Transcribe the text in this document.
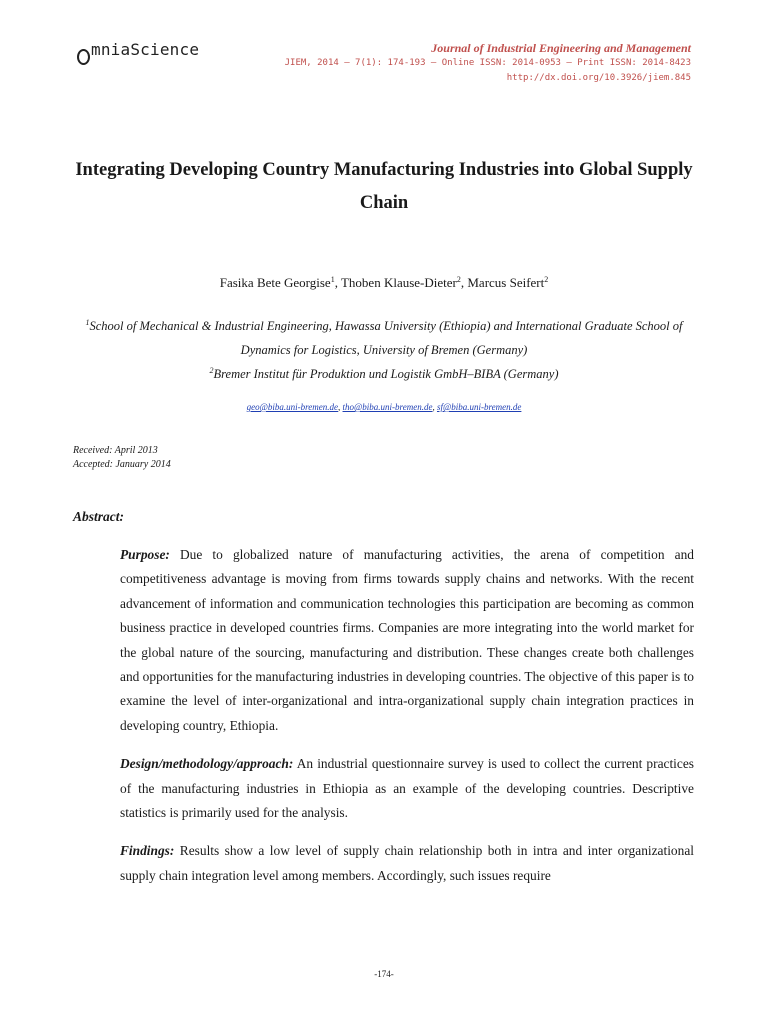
mniaScience	Journal of Industrial Engineering and Management
JIEM, 2014 – 7(1): 174-193 – Online ISSN: 2014-0953 – Print ISSN: 2014-8423
http://dx.doi.org/10.3926/jiem.845
Integrating Developing Country Manufacturing Industries into Global Supply Chain
Fasika Bete Georgise$^1$, Thoben Klause-Dieter$^2$, Marcus Seifert$^2$
$^1$School of Mechanical & Industrial Engineering, Hawassa University (Ethiopia) and International Graduate School of Dynamics for Logistics, University of Bremen (Germany)
$^2$Bremer Institut für Produktion und Logistik GmbH–BIBA (Germany)
geo@biba.uni-bremen.de, tho@biba.uni-bremen.de, sf@biba.uni-bremen.de
Received: April 2013
Accepted: January 2014
Abstract:

Purpose: Due to globalized nature of manufacturing activities, the arena of competition and competitiveness advantage is moving from firms towards supply chains and networks. With the recent advancement of information and communication technologies this participation are becoming as common business practice in developed countries firms. Companies are more integrating into the world market for the global nature of the sourcing, manufacturing and distribution. These changes create both challenges and opportunities for the manufacturing industries in developing countries. The objective of this paper is to examine the level of inter-organizational and intra-organizational supply chain integration practices in developing country, Ethiopia.

Design/methodology/approach: An industrial questionnaire survey is used to collect the current practices of the manufacturing industries in Ethiopia as an example of the developing countries. Descriptive statistics is primarily used for the analysis.

Findings: Results show a low level of supply chain relationship both in intra and inter organizational supply chain integration level among members. Accordingly, such issues require

-174-
